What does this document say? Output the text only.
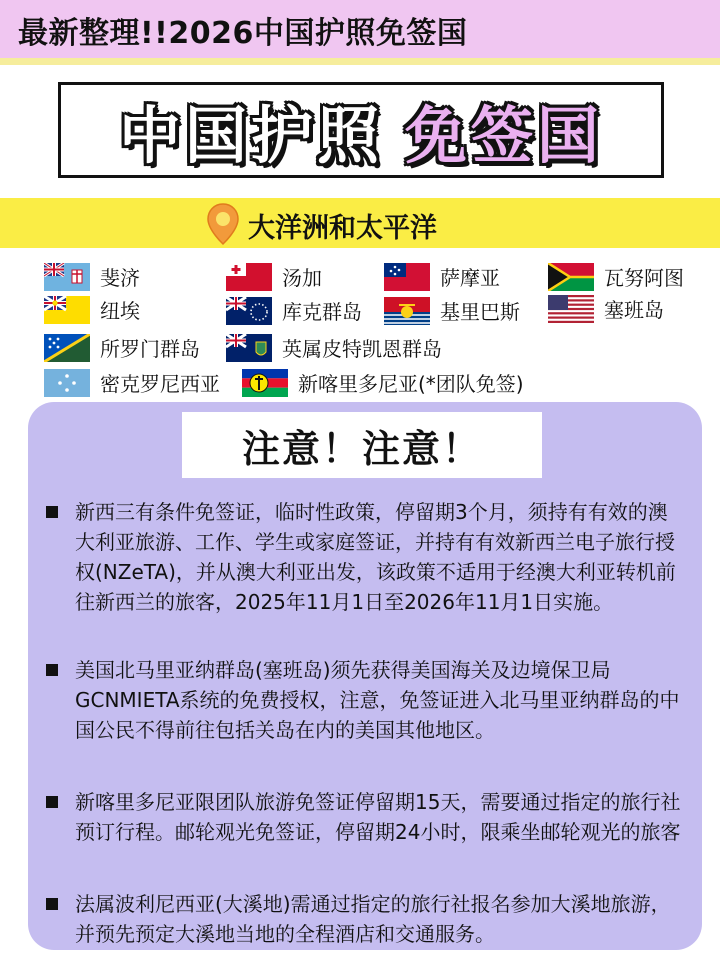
最新整理!!2026中国护照免签国
中国护照 免签国
大洋洲和太平洋
斐济	汤加	萨摩亚	瓦努阿图
纽埃	库克群岛	基里巴斯	塞班岛
所罗门群岛	英属皮特凯恩群岛
密克罗尼西亚	新喀里多尼亚(*团队免签)
注意！注意！
新西三有条件免签证，临时性政策，停留期3个月，须持有有效的澳大利亚旅游、工作、学生或家庭签证，并持有有效新西兰电子旅行授权(NZeTA)，并从澳大利亚出发，该政策不适用于经澳大利亚转机前往新西兰的旅客，2025年11月1日至2026年11月1日实施。
美国北马里亚纳群岛(塞班岛)须先获得美国海关及边境保卫局GCNMIETA系统的免费授权，注意，免签证进入北马里亚纳群岛的中国公民不得前往包括关岛在内的美国其他地区。
新喀里多尼亚限团队旅游免签证停留期15天，需要通过指定的旅行社预订行程。邮轮观光免签证，停留期24小时，限乘坐邮轮观光的旅客
法属波利尼西亚(大溪地)需通过指定的旅行社报名参加大溪地旅游，并预先预定大溪地当地的全程酒店和交通服务。
